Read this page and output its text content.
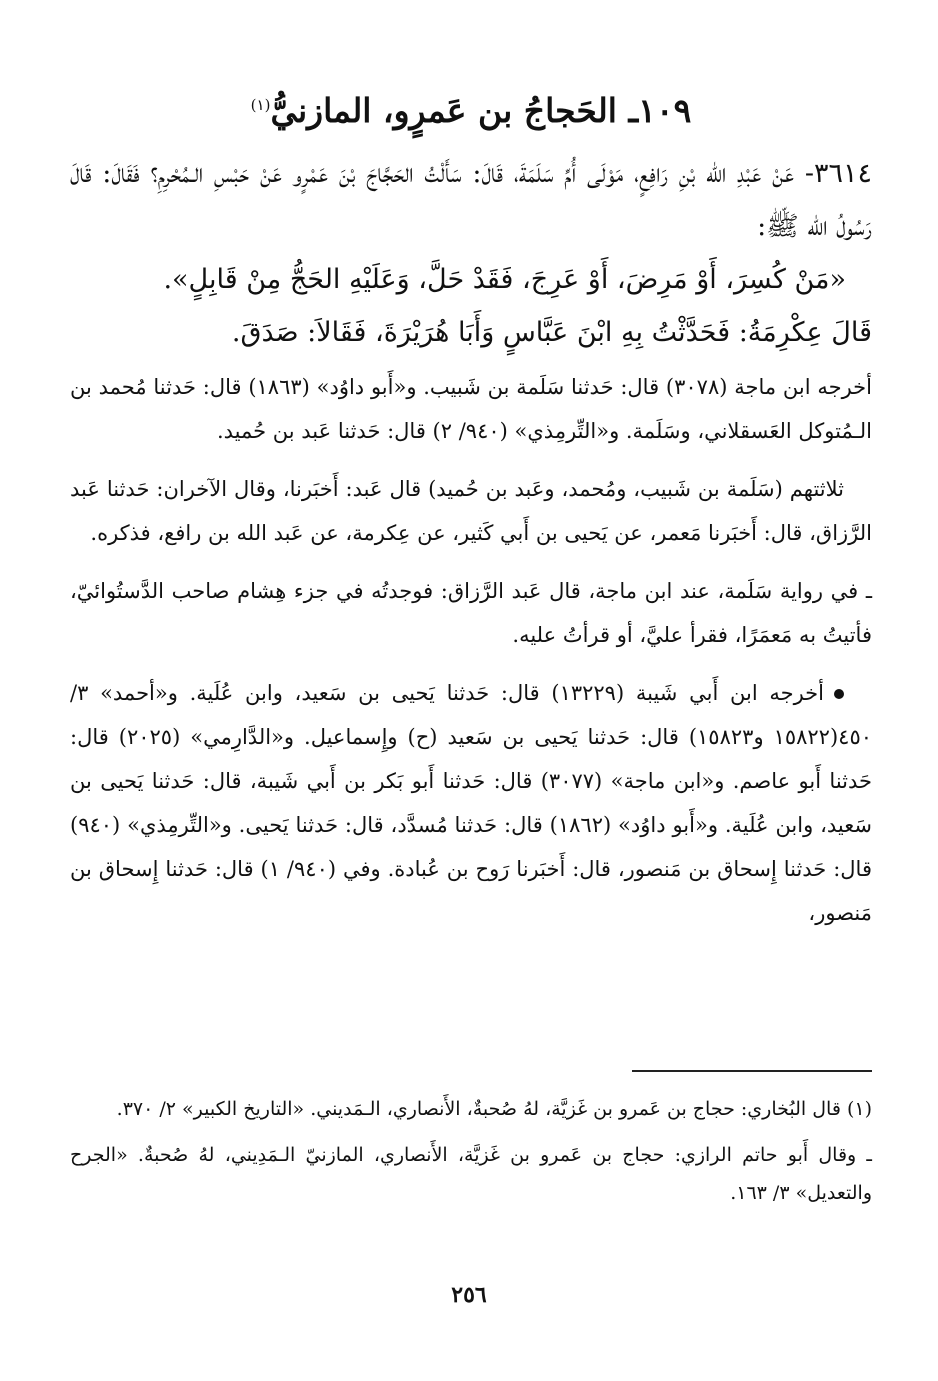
١٠٩ـ الحَجاجُ بن عَمرٍو، المازنيُّ$^{(١)}$

٣٦١٤- عَنْ عَبْدِ الله بْنِ رَافِعٍ، مَوْلَى أُمِّ سَلَمَةَ، قَالَ: سَأَلْتُ الحَجَّاجَ بْنَ عَمْرٍو عَنْ حَبْسِ الـمُحْرِمِ؟ فَقَالَ: قَالَ رَسُولُ الله ﷺ:

«مَنْ كُسِرَ، أَوْ مَرِضَ، أَوْ عَرِجَ، فَقَدْ حَلَّ، وَعَلَيْهِ الحَجُّ مِنْ قَابِلٍ».

قَالَ عِكْرِمَةُ: فَحَدَّثْتُ بِهِ ابْنَ عَبَّاسٍ وَأَبَا هُرَيْرَةَ، فَقَالاَ: صَدَقَ.

أخرجه ابن ماجة (٣٠٧٨) قال: حَدثنا سَلَمة بن شَبيب. و«أَبو داوُد» (١٨٦٣) قال: حَدثنا مُحمد بن الـمُتوكل العَسقلاني، وسَلَمة. و«التِّرمِذي» (٩٤٠/ ٢) قال: حَدثنا عَبد بن حُميد.

ثلاثتهم (سَلَمة بن شَبيب، ومُحمد، وعَبد بن حُميد) قال عَبد: أَخبَرنا، وقال الآخران: حَدثنا عَبد الرَّزاق، قال: أَخبَرنا مَعمر، عن يَحيى بن أَبي كَثير، عن عِكرمة، عن عَبد الله بن رافع، فذكره.

ـ في رواية سَلَمة، عند ابن ماجة، قال عَبد الرَّزاق: فوجدتُه في جزء هِشام صاحب الدَّستُوائيّ، فأتيتُ به مَعمَرًا، فقرأ عليَّ، أو قرأتُ عليه.

أخرجه ابن أَبي شَيبة (١٣٢٢٩) قال: حَدثنا يَحيى بن سَعيد، وابن عُلَية. و«أحمد» ٣/ ٤٥٠(١٥٨٢٢ و١٥٨٢٣) قال: حَدثنا يَحيى بن سَعيد (ح) وإِسماعيل. و«الدَّارِمي» (٢٠٢٥) قال: حَدثنا أَبو عاصم. و«ابن ماجة» (٣٠٧٧) قال: حَدثنا أَبو بَكر بن أَبي شَيبة، قال: حَدثنا يَحيى بن سَعيد، وابن عُلَية. و«أَبو داوُد» (١٨٦٢) قال: حَدثنا مُسدَّد، قال: حَدثنا يَحيى. و«التِّرمِذي» (٩٤٠) قال: حَدثنا إِسحاق بن مَنصور، قال: أَخبَرنا رَوح بن عُبادة. وفي (٩٤٠/ ١) قال: حَدثنا إِسحاق بن مَنصور،

(١) قال البُخاري: حجاج بن عَمرو بن غَزيَّة، لهُ صُحبةٌ، الأَنصاري، الـمَديني. «التاريخ الكبير» ٢/ ٣٧٠.

ـ وقال أَبو حاتم الرازي: حجاج بن عَمرو بن غَزيَّة، الأَنصاري، المازنيّ الـمَدِيني، لهُ صُحبةٌ. «الجرح والتعديل» ٣/ ١٦٣.

٢٥٦
